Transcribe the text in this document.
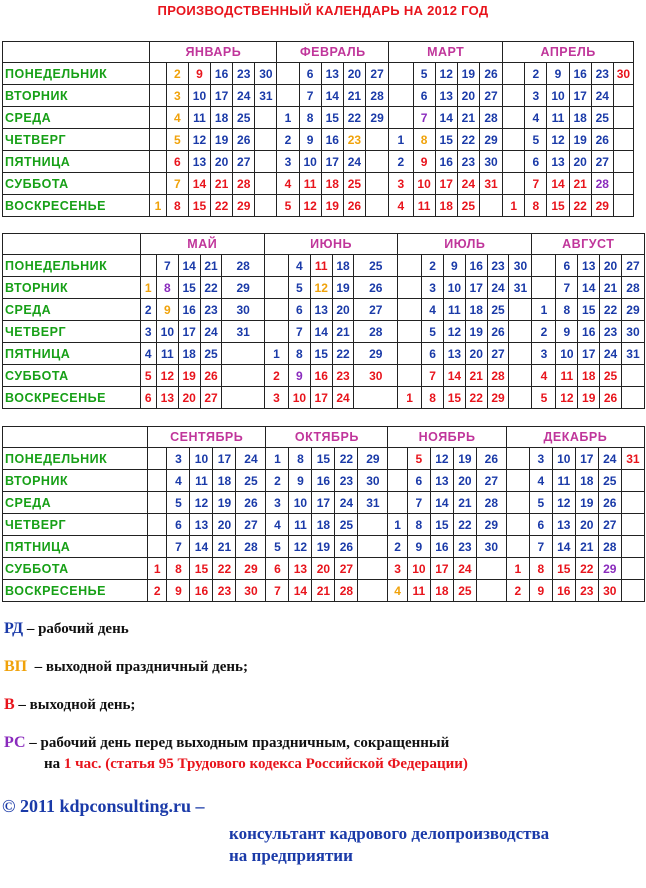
ПРОИЗВОДСТВЕННЫЙ КАЛЕНДАРЬ НА 2012 ГОД
	ЯНВАРЬ						ФЕВРАЛЬ					МАРТ					АПРЕЛЬ					
ПОНЕДЕЛЬНИК		2	9	16	23	30		6	13	20	27		5	12	19	26		2	9	16	23	30
ВТОРНИК		3	10	17	24	31		7	14	21	28		6	13	20	27		3	10	17	24	
СРЕДА		4	11	18	25		1	8	15	22	29		7	14	21	28		4	11	18	25	
ЧЕТВЕРГ		5	12	19	26		2	9	16	23		1	8	15	22	29		5	12	19	26	
ПЯТНИЦА		6	13	20	27		3	10	17	24		2	9	16	23	30		6	13	20	27	
СУББОТА		7	14	21	28		4	11	18	25		3	10	17	24	31		7	14	21	28	
ВОСКРЕСЕНЬЕ	1	8	15	22	29		5	12	19	26		4	11	18	25		1	8	15	22	29	
	МАЙ					ИЮНЬ					ИЮЛЬ						АВГУСТ				
ПОНЕДЕЛЬНИК		7	14	21	28		4	11	18	25		2	9	16	23	30		6	13	20	27
ВТОРНИК	1	8	15	22	29		5	12	19	26		3	10	17	24	31		7	14	21	28
СРЕДА	2	9	16	23	30		6	13	20	27		4	11	18	25		1	8	15	22	29
ЧЕТВЕРГ	3	10	17	24	31		7	14	21	28		5	12	19	26		2	9	16	23	30
ПЯТНИЦА	4	11	18	25		1	8	15	22	29		6	13	20	27		3	10	17	24	31
СУББОТА	5	12	19	26		2	9	16	23	30		7	14	21	28		4	11	18	25	
ВОСКРЕСЕНЬЕ	6	13	20	27		3	10	17	24		1	8	15	22	29		5	12	19	26	
	СЕНТЯБРЬ					ОКТЯБРЬ					НОЯБРЬ					ДЕКАБРЬ					
ПОНЕДЕЛЬНИК		3	10	17	24	1	8	15	22	29		5	12	19	26		3	10	17	24	31
ВТОРНИК		4	11	18	25	2	9	16	23	30		6	13	20	27		4	11	18	25	
СРЕДА		5	12	19	26	3	10	17	24	31		7	14	21	28		5	12	19	26	
ЧЕТВЕРГ		6	13	20	27	4	11	18	25		1	8	15	22	29		6	13	20	27	
ПЯТНИЦА		7	14	21	28	5	12	19	26		2	9	16	23	30		7	14	21	28	
СУББОТА	1	8	15	22	29	6	13	20	27		3	10	17	24		1	8	15	22	29	
ВОСКРЕСЕНЬЕ	2	9	16	23	30	7	14	21	28		4	11	18	25		2	9	16	23	30	
РД – рабочий день
ВП  – выходной праздничный день;
В – выходной день;
РС – рабочий день перед выходным праздничным, сокращенный
на 1 час. (статья 95 Трудового кодекса Российской Федерации)
© 2011 kdpconsulting.ru –
консультант кадрового делопроизводства
на предприятии
